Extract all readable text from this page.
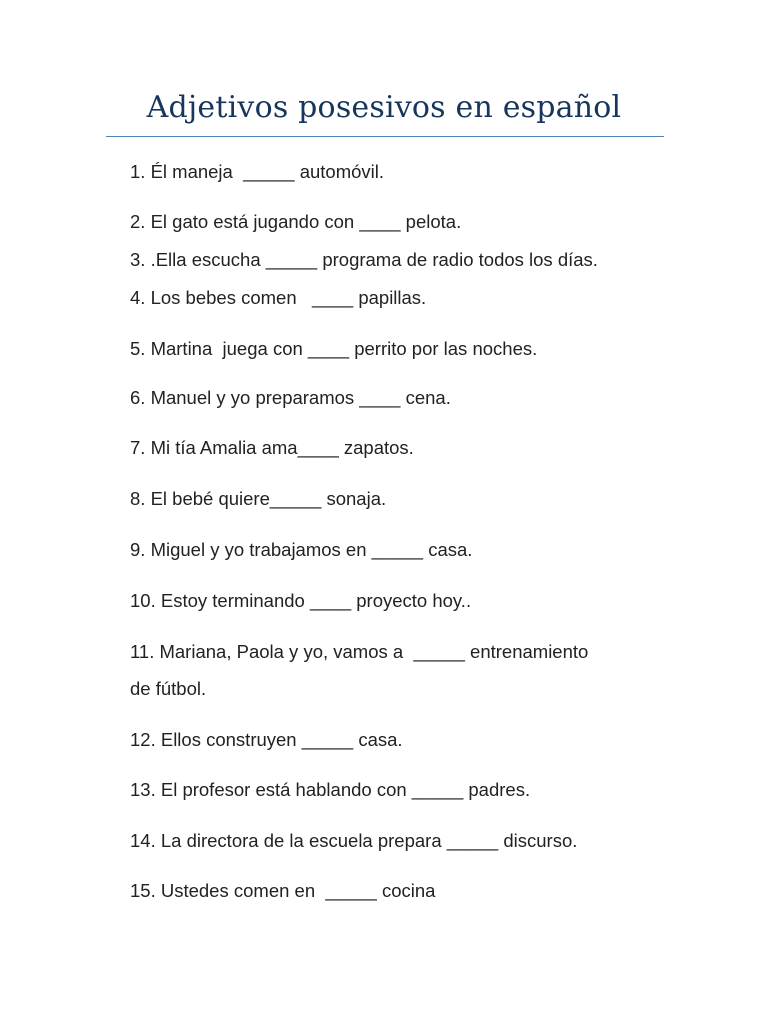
Adjetivos posesivos en español

1. Él maneja  _____ automóvil.

2. El gato está jugando con ____ pelota.

3. .Ella escucha _____ programa de radio todos los días.

4. Los bebes comen   ____ papillas.

5. Martina  juega con ____ perrito por las noches.

6. Manuel y yo preparamos ____ cena.

7. Mi tía Amalia ama____ zapatos.

8. El bebé quiere_____ sonaja.

9. Miguel y yo trabajamos en _____ casa.

10. Estoy terminando ____ proyecto hoy..

11. Mariana, Paola y yo, vamos a  _____ entrenamiento

de fútbol.

12. Ellos construyen _____ casa.

13. El profesor está hablando con _____ padres.

14. La directora de la escuela prepara _____ discurso.

15. Ustedes comen en  _____ cocina
